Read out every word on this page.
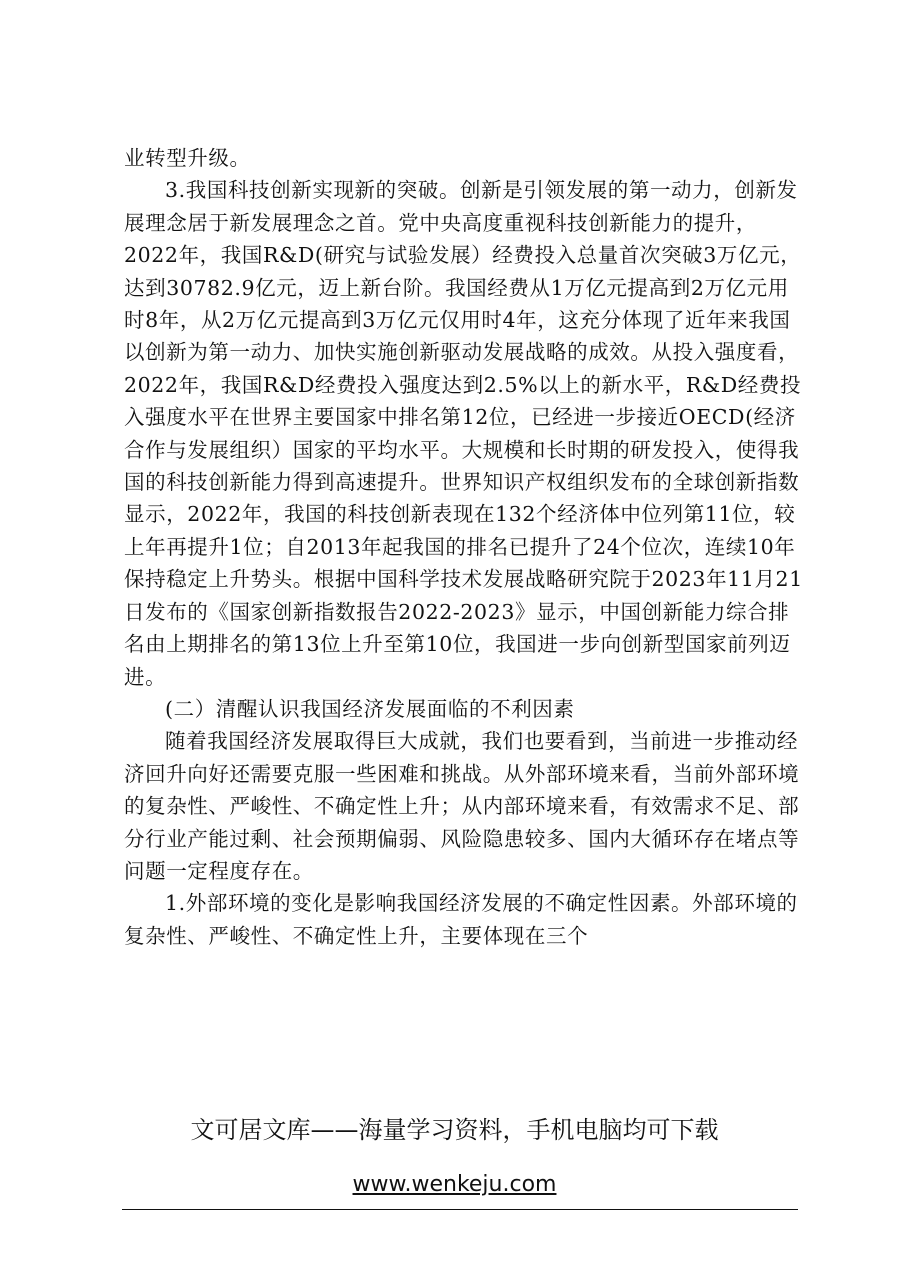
业转型升级。

3.我国科技创新实现新的突破。创新是引领发展的第一动力，创新发展理念居于新发展理念之首。党中央高度重视科技创新能力的提升，2022年，我国R&D(研究与试验发展）经费投入总量首次突破3万亿元，达到30782.9亿元，迈上新台阶。我国经费从1万亿元提高到2万亿元用时8年，从2万亿元提高到3万亿元仅用时4年，这充分体现了近年来我国以创新为第一动力、加快实施创新驱动发展战略的成效。从投入强度看，2022年，我国R&D经费投入强度达到2.5%以上的新水平，R&D经费投入强度水平在世界主要国家中排名第12位，已经进一步接近OECD(经济合作与发展组织）国家的平均水平。大规模和长时期的研发投入，使得我国的科技创新能力得到高速提升。世界知识产权组织发布的全球创新指数显示，2022年，我国的科技创新表现在132个经济体中位列第11位，较上年再提升1位；自2013年起我国的排名已提升了24个位次，连续10年保持稳定上升势头。根据中国科学技术发展战略研究院于2023年11月21日发布的《国家创新指数报告2022-2023》显示，中国创新能力综合排名由上期排名的第13位上升至第10位，我国进一步向创新型国家前列迈进。

(二）清醒认识我国经济发展面临的不利因素

随着我国经济发展取得巨大成就，我们也要看到，当前进一步推动经济回升向好还需要克服一些困难和挑战。从外部环境来看，当前外部环境的复杂性、严峻性、不确定性上升；从内部环境来看，有效需求不足、部分行业产能过剩、社会预期偏弱、风险隐患较多、国内大循环存在堵点等问题一定程度存在。

1.外部环境的变化是影响我国经济发展的不确定性因素。外部环境的复杂性、严峻性、不确定性上升，主要体现在三个

文可居文库——海量学习资料，手机电脑均可下载
www.wenkeju.com
